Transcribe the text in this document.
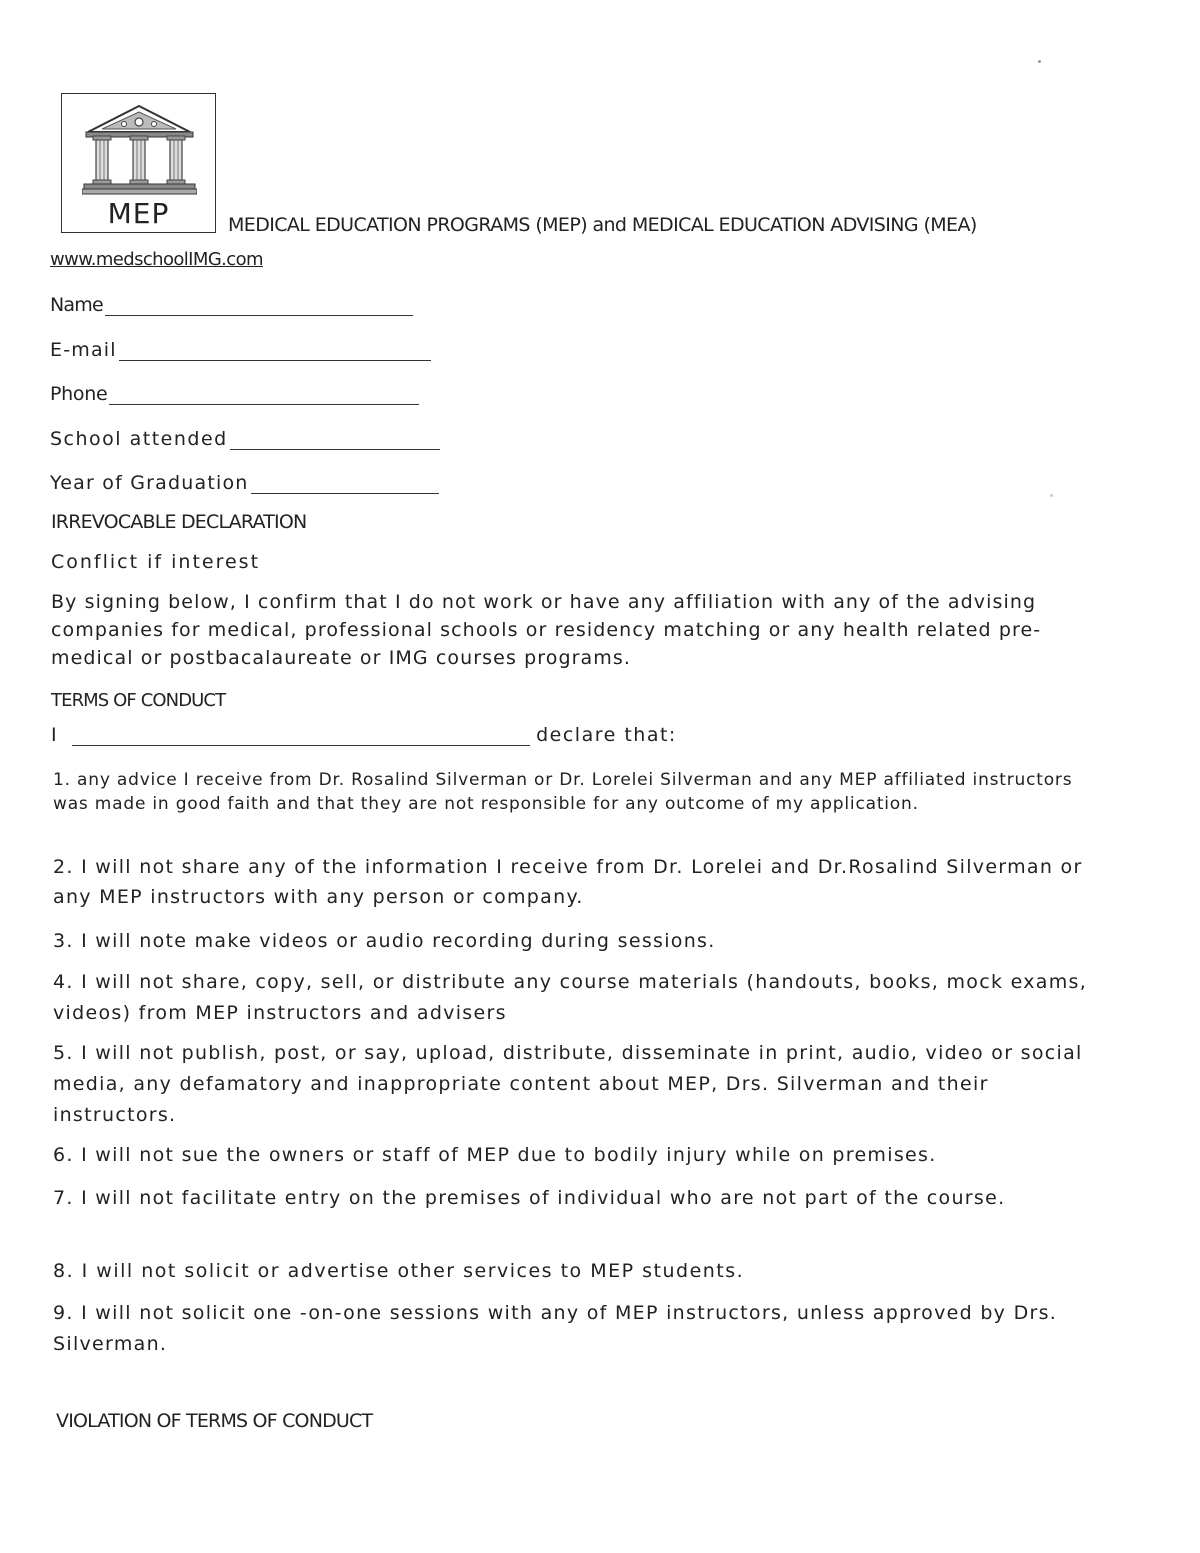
MEP	MEDICAL EDUCATION PROGRAMS (MEP) and MEDICAL EDUCATION ADVISING (MEA)
www.medschoolIMG.com
Name
E-mail
Phone
School attended
Year of Graduation
IRREVOCABLE DECLARATION
Conflict if interest
By signing below, I confirm that I do not work or have any affiliation with any of the advising companies for medical, professional schools or residency matching or any health related pre-medical or postbacalaureate or IMG courses programs.
TERMS OF CONDUCT
I	declare that:
1. any advice I receive from Dr. Rosalind Silverman or Dr. Lorelei Silverman and any MEP affiliated instructors was made in good faith and that they are not responsible for any outcome of my application.
2. I will not share any of the information I receive from Dr. Lorelei and Dr.Rosalind Silverman or any MEP instructors with any person or company.
3. I will note make videos or audio recording during sessions.
4. I will not share, copy, sell, or distribute any course materials (handouts, books, mock exams, videos) from MEP instructors and advisers
5. I will not publish, post, or say, upload, distribute, disseminate in print, audio, video or social media, any defamatory and inappropriate content about MEP, Drs. Silverman and their instructors.
6. I will not sue the owners or staff of MEP due to bodily injury while on premises.
7. I will not facilitate entry on the premises of individual who are not part of the course.
8. I will not solicit or advertise other services to MEP students.
9. I will not solicit one -on-one sessions with any of MEP instructors, unless approved by Drs. Silverman.
VIOLATION OF TERMS OF CONDUCT
